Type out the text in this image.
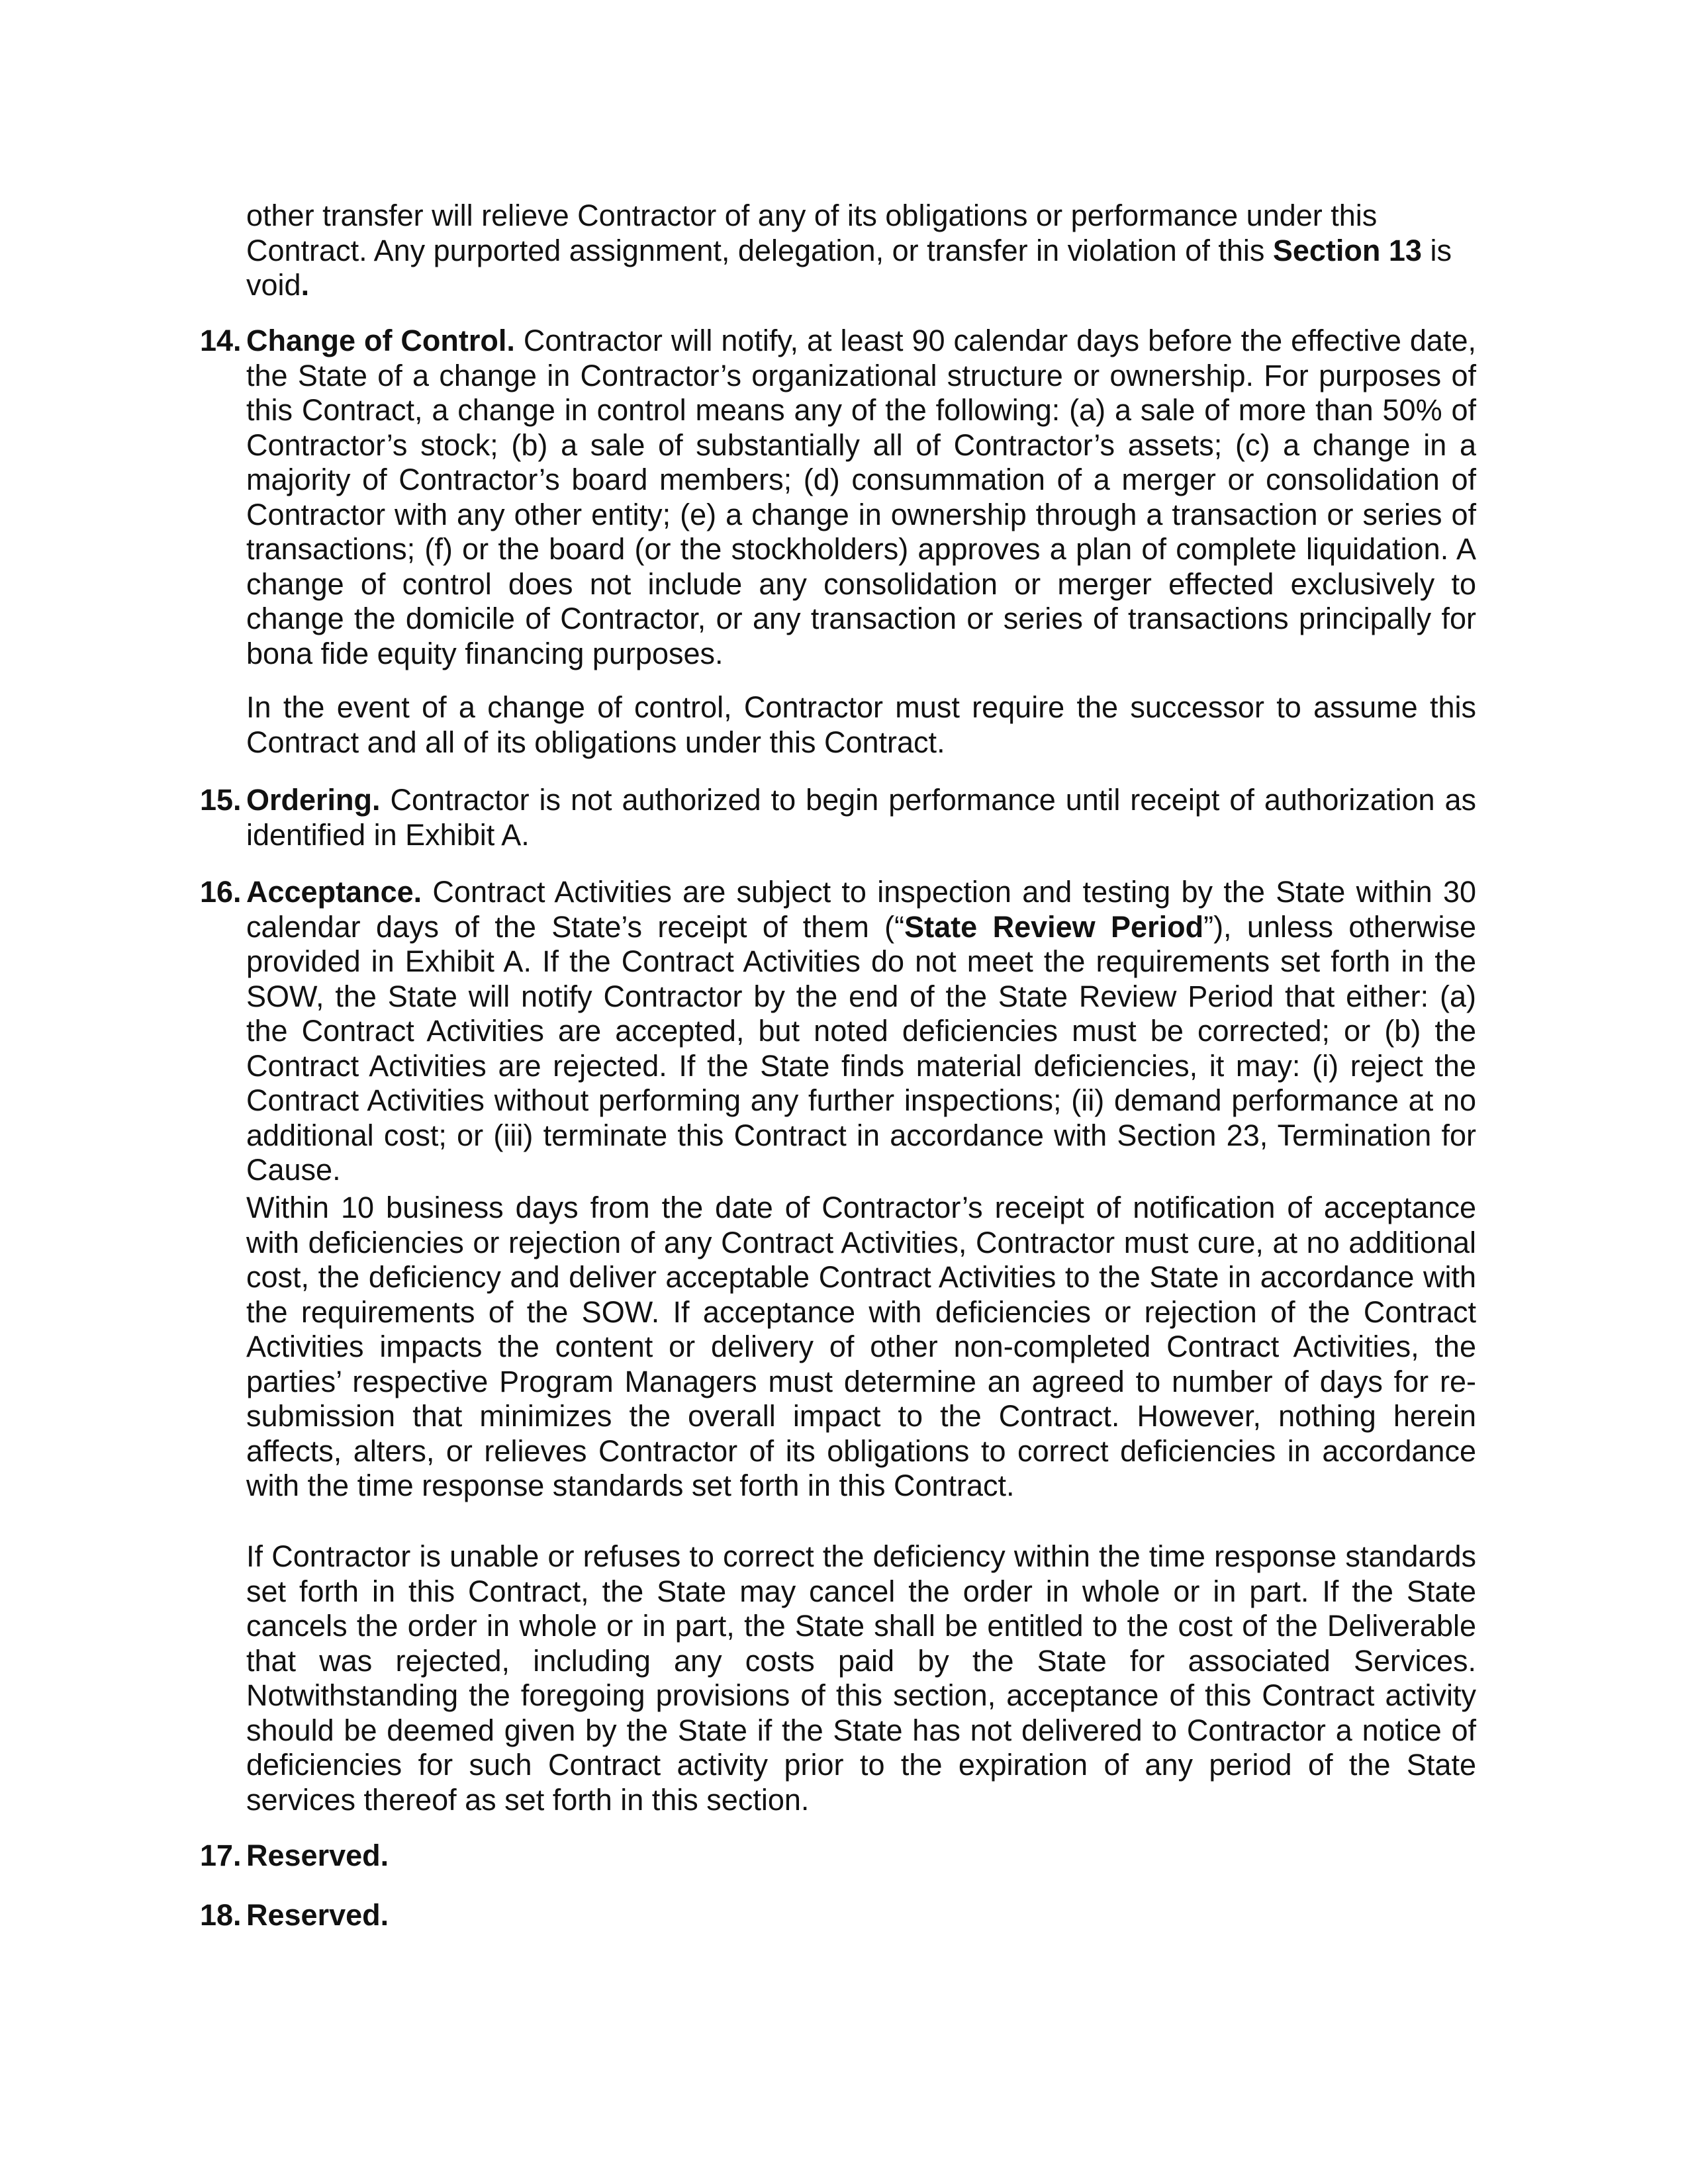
other transfer will relieve Contractor of any of its obligations or performance under this Contract. Any purported assignment, delegation, or transfer in violation of this Section 13 is void.
14. Change of Control. Contractor will notify, at least 90 calendar days before the effective date, the State of a change in Contractor’s organizational structure or ownership. For purposes of this Contract, a change in control means any of the following: (a) a sale of more than 50% of Contractor’s stock; (b) a sale of substantially all of Contractor’s assets; (c) a change in a majority of Contractor’s board members; (d) consummation of a merger or consolidation of Contractor with any other entity; (e) a change in ownership through a transaction or series of transactions; (f) or the board (or the stockholders) approves a plan of complete liquidation. A change of control does not include any consolidation or merger effected exclusively to change the domicile of Contractor, or any transaction or series of transactions principally for bona fide equity financing purposes.
In the event of a change of control, Contractor must require the successor to assume this Contract and all of its obligations under this Contract.
15. Ordering. Contractor is not authorized to begin performance until receipt of authorization as identified in Exhibit A.
16. Acceptance. Contract Activities are subject to inspection and testing by the State within 30 calendar days of the State’s receipt of them (“State Review Period”), unless otherwise provided in Exhibit A. If the Contract Activities do not meet the requirements set forth in the SOW, the State will notify Contractor by the end of the State Review Period that either: (a) the Contract Activities are accepted, but noted deficiencies must be corrected; or (b) the Contract Activities are rejected. If the State finds material deficiencies, it may: (i) reject the Contract Activities without performing any further inspections; (ii) demand performance at no additional cost; or (iii) terminate this Contract in accordance with Section 23, Termination for Cause.
Within 10 business days from the date of Contractor’s receipt of notification of acceptance with deficiencies or rejection of any Contract Activities, Contractor must cure, at no additional cost, the deficiency and deliver acceptable Contract Activities to the State in accordance with the requirements of the SOW. If acceptance with deficiencies or rejection of the Contract Activities impacts the content or delivery of other non-completed Contract Activities, the parties’ respective Program Managers must determine an agreed to number of days for re-submission that minimizes the overall impact to the Contract. However, nothing herein affects, alters, or relieves Contractor of its obligations to correct deficiencies in accordance with the time response standards set forth in this Contract.
If Contractor is unable or refuses to correct the deficiency within the time response standards set forth in this Contract, the State may cancel the order in whole or in part. If the State cancels the order in whole or in part, the State shall be entitled to the cost of the Deliverable that was rejected, including any costs paid by the State for associated Services. Notwithstanding the foregoing provisions of this section, acceptance of this Contract activity should be deemed given by the State if the State has not delivered to Contractor a notice of deficiencies for such Contract activity prior to the expiration of any period of the State services thereof as set forth in this section.
17. Reserved.
18. Reserved.
